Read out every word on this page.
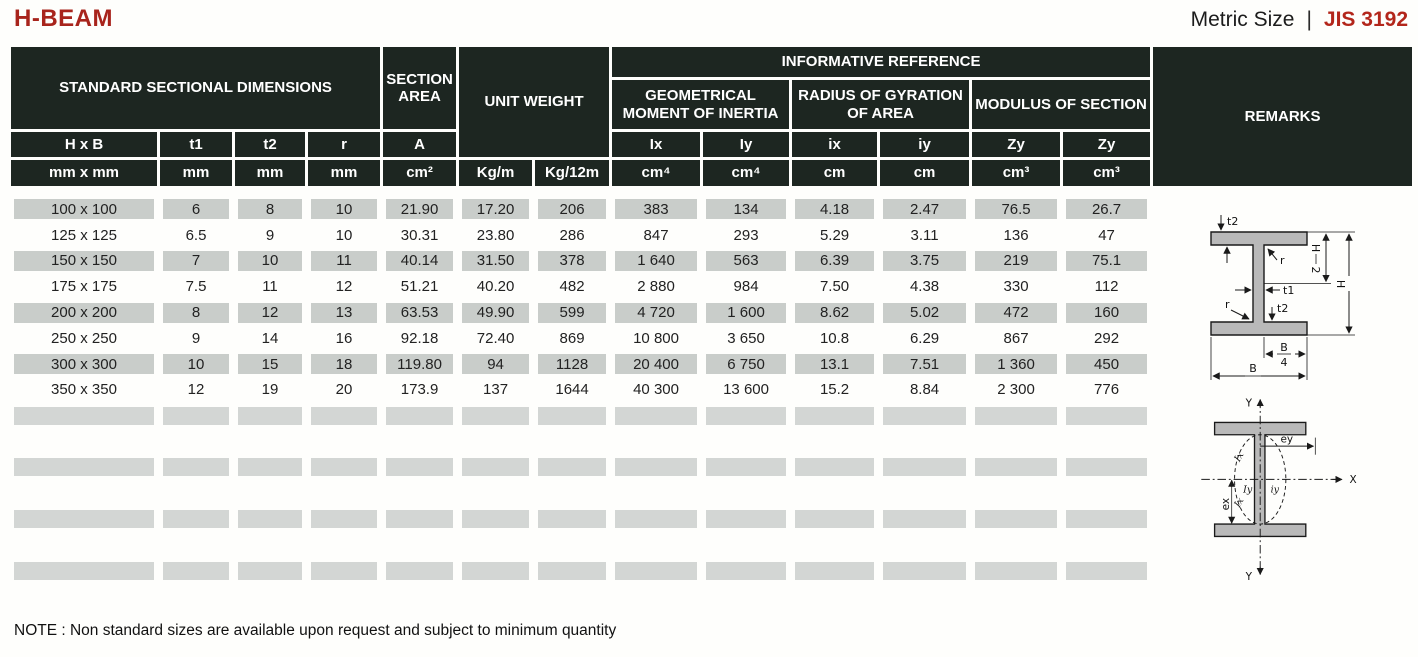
H-BEAM	Metric Size | JIS 3192
STANDARD SECTIONAL DIMENSIONS				SECTION AREA	UNIT WEIGHT		INFORMATIVE REFERENCE						REMARKS
							GEOMETRICAL MOMENT OF INERTIA		RADIUS OF GYRATION OF AREA		MODULUS OF SECTION		
H x B	t1	t2	r	A			Ix	Iy	ix	iy	Zy	Zy	
mm x mm	mm	mm	mm	cm²	Kg/m	Kg/12m	cm⁴	cm⁴	cm	cm	cm³	cm³	

100 x 100	6	8	10	21.90	17.20	206	383	134	4.18	2.47	76.5	26.7

t2
r
H
2
H
t1
r	t2
B
4
B
Y
Y
X
ey
ex
Ix
Iy iy
Ix

125 x 125	6.5	9	10	30.31	23.80	286	847	293	5.29	3.11	136	47	

150 x 150	7	10	11	40.14	31.50	378	1 640	563	6.39	3.75	219	75.1	

175 x 175	7.5	11	12	51.21	40.20	482	2 880	984	7.50	4.38	330	112	

200 x 200	8	12	13	63.53	49.90	599	4 720	1 600	8.62	5.02	472	160	

250 x 250	9	14	16	92.18	72.40	869	10 800	3 650	10.8	6.29	867	292	

300 x 300	10	15	18	119.80	94	1128	20 400	6 750	13.1	7.51	1 360	450	

350 x 350	12	19	20	173.9	137	1644	40 300	13 600	15.2	8.84	2 300	776	

NOTE : Non standard sizes are available upon request and subject to minimum quantity
